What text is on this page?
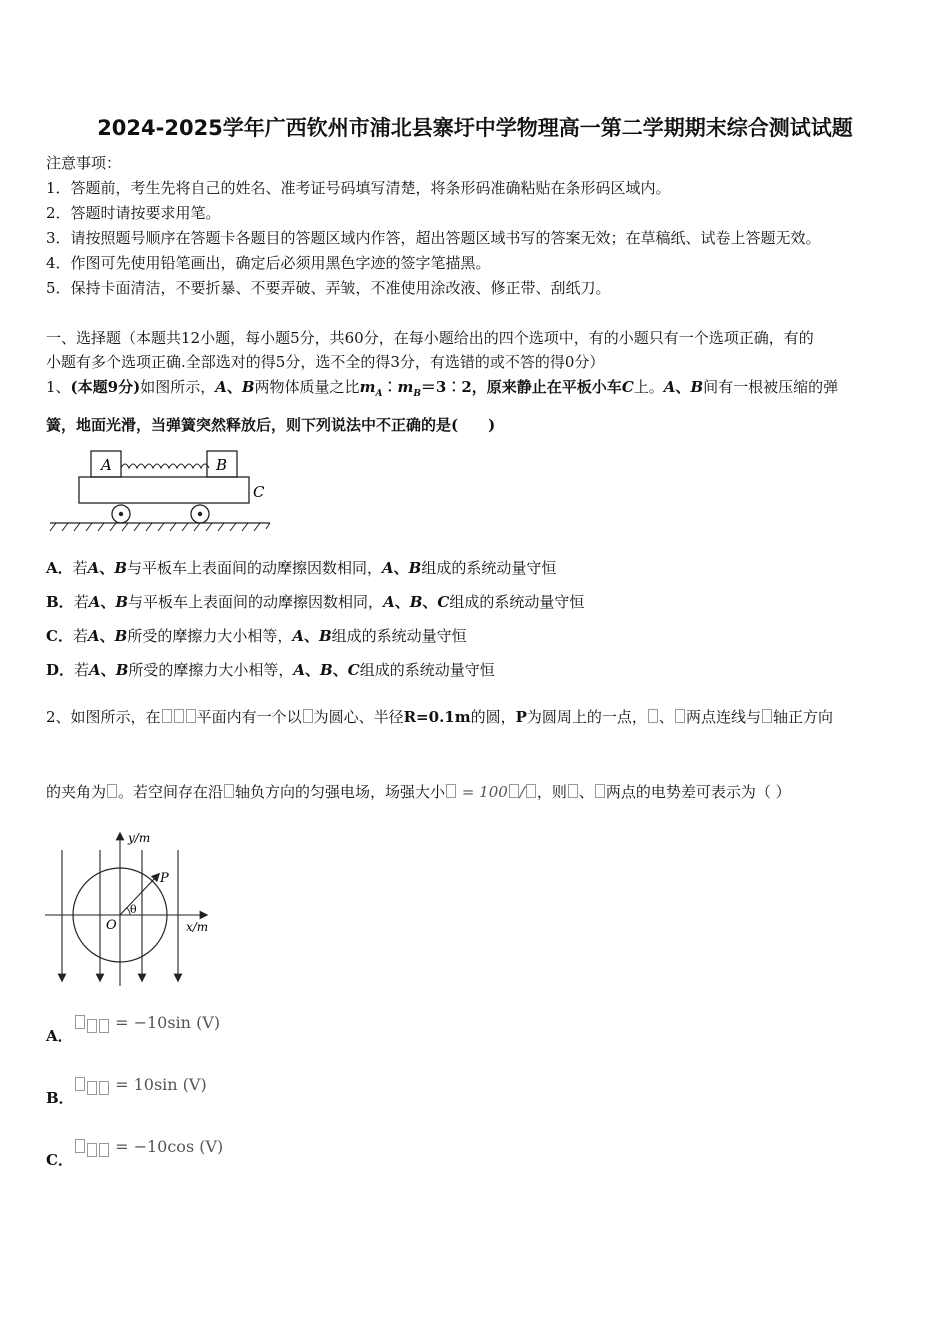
2024-2025学年广西钦州市浦北县寨圩中学物理高一第二学期期末综合测试试题
注意事项：
1．答题前，考生先将自己的姓名、准考证号码填写清楚，将条形码准确粘贴在条形码区域内。
2．答题时请按要求用笔。
3．请按照题号顺序在答题卡各题目的答题区域内作答，超出答题区域书写的答案无效；在草稿纸、试卷上答题无效。
4．作图可先使用铅笔画出，确定后必须用黑色字迹的签字笔描黑。
5．保持卡面清洁，不要折暴、不要弄破、弄皱，不准使用涂改液、修正带、刮纸刀。
一、选择题（本题共12小题，每小题5分，共60分，在每小题给出的四个选项中，有的小题只有一个选项正确，有的
小题有多个选项正确.全部选对的得5分，选不全的得3分，有选错的或不答的得0分）
1、(本题9分)如图所示，A、B两物体质量之比$m_A︰m_B=3︰2$，原来静止在平板小车C上。A、B间有一根被压缩的弹
簧，地面光滑，当弹簧突然释放后，则下列说法中不正确的是(　　)
A	B
C
A．若A、B与平板车上表面间的动摩擦因数相同，A、B组成的系统动量守恒
B．若A、B与平板车上表面间的动摩擦因数相同，A、B、C组成的系统动量守恒
C．若A、B所受的摩擦力大小相等，A、B组成的系统动量守恒
D．若A、B所受的摩擦力大小相等，A、B、C组成的系统动量守恒
2、如图所示，在 平面内有一个以 为圆心、半径R=0.1m的圆，P为圆周上的一点， 、 两点连线与 轴正方向
的夹角为 。若空间存在沿 轴负方向的匀强电场，场强大小 = 100 / ，则 、 两点的电势差可表示为（ ）
y/m
x/m
O
P
θ
A． = −10sin (V)
B． = 10sin (V)
C． = −10cos (V)
